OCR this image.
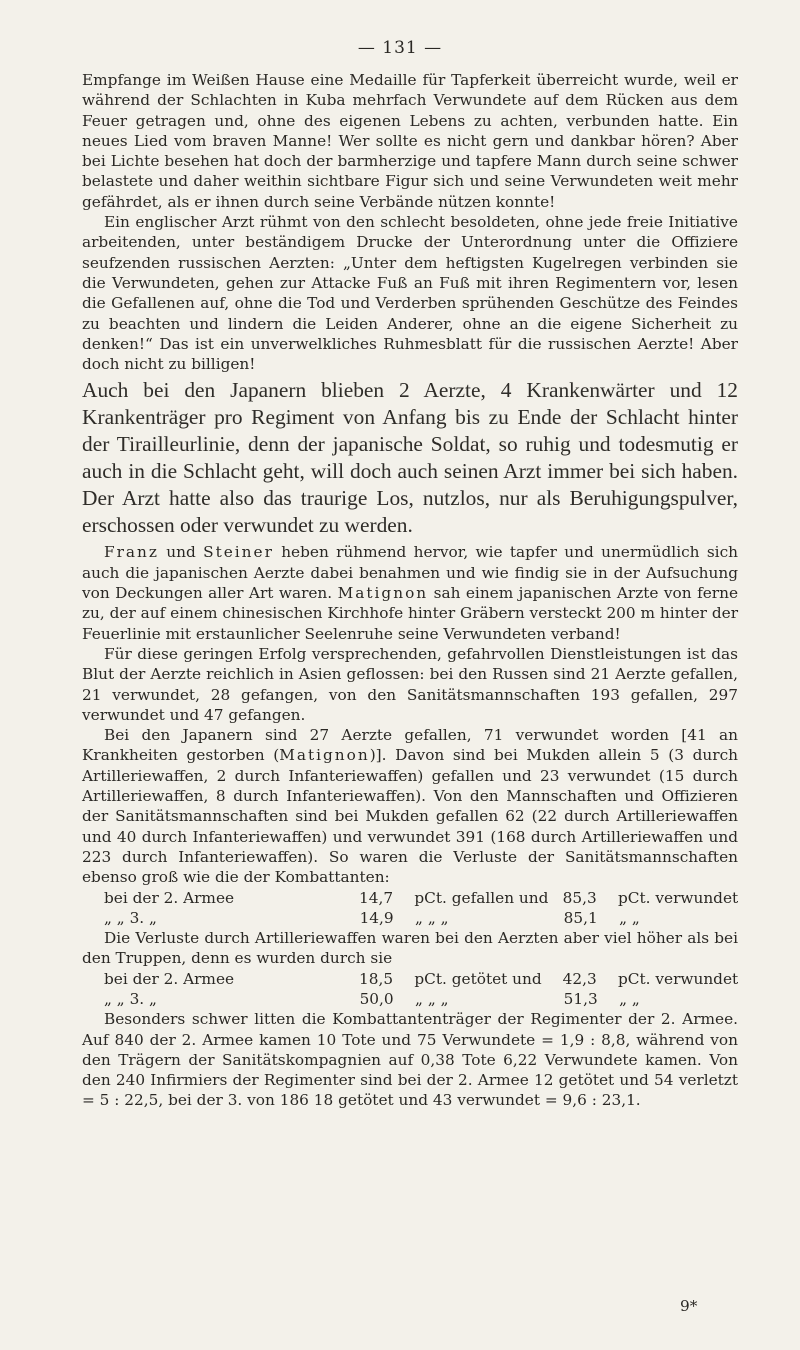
— 131 —

Empfange im Weißen Hause eine Medaille für Tapferkeit überreicht wurde, weil er während der Schlachten in Kuba mehrfach Verwundete auf dem Rücken aus dem Feuer getragen und, ohne des eigenen Lebens zu achten, verbunden hatte. Ein neues Lied vom braven Manne! Wer sollte es nicht gern und dankbar hören? Aber bei Lichte besehen hat doch der barmherzige und tapfere Mann durch seine schwer belastete und daher weithin sichtbare Figur sich und seine Verwundeten weit mehr gefährdet, als er ihnen durch seine Verbände nützen konnte!

Ein englischer Arzt rühmt von den schlecht besoldeten, ohne jede freie Initiative arbeitenden, unter beständigem Drucke der Unterordnung unter die Offiziere seufzenden russischen Aerzten: „Unter dem heftigsten Kugelregen verbinden sie die Verwundeten, gehen zur Attacke Fuß an Fuß mit ihren Regimentern vor, lesen die Gefallenen auf, ohne die Tod und Verderben sprühenden Geschütze des Feindes zu beachten und lindern die Leiden Anderer, ohne an die eigene Sicherheit zu denken!“ Das ist ein unverwelkliches Ruhmesblatt für die russischen Aerzte! Aber doch nicht zu billigen!

Auch bei den Japanern blieben 2 Aerzte, 4 Krankenwärter und 12 Krankenträger pro Regiment von Anfang bis zu Ende der Schlacht hinter der Tiraillеurlinie, denn der japanische Soldat, so ruhig und todesmutig er auch in die Schlacht geht, will doch auch seinen Arzt immer bei sich haben. Der Arzt hatte also das traurige Los, nutzlos, nur als Beruhigungspulver, erschossen oder verwundet zu werden.

Franz und Steiner heben rühmend hervor, wie tapfer und unermüdlich sich auch die japanischen Aerzte dabei benahmen und wie findig sie in der Aufsuchung von Deckungen aller Art waren. Matignon sah einem japanischen Arzte von ferne zu, der auf einem chinesischen Kirchhofe hinter Gräbern versteckt 200 m hinter der Feuerlinie mit erstaunlicher Seelenruhe seine Verwundeten verband!

Für diese geringen Erfolg versprechenden, gefahrvollen Dienstleistungen ist das Blut der Aerzte reichlich in Asien geflossen: bei den Russen sind 21 Aerzte gefallen, 21 verwundet, 28 gefangen, von den Sanitätsmannschaften 193 gefallen, 297 verwundet und 47 gefangen.

Bei den Japanern sind 27 Aerzte gefallen, 71 verwundet worden [41 an Krankheiten gestorben (Matignon)]. Davon sind bei Mukden allein 5 (3 durch Artilleriewaffen, 2 durch Infanteriewaffen) gefallen und 23 verwundet (15 durch Artilleriewaffen, 8 durch Infanteriewaffen). Von den Mannschaften und Offizieren der Sanitätsmannschaften sind bei Mukden gefallen 62 (22 durch Artilleriewaffen und 40 durch Infanteriewaffen) und verwundet 391 (168 durch Artilleriewaffen und 223 durch Infanteriewaffen). So waren die Verluste der Sanitätsmannschaften ebenso groß wie die der Kombattanten:

bei der 2. Armee	14,7	pCt. gefallen und 85,3	pCt. verwundet
„ „ 3. „	14,9	„ „ „	85,1	„ „

Die Verluste durch Artilleriewaffen waren bei den Aerzten aber viel höher als bei den Truppen, denn es wurden durch sie

bei der 2. Armee	18,5	pCt. getötet und	42,3	pCt. verwundet
„ „ 3. „	50,0	„ „ „	51,3	„ „

Besonders schwer litten die Kombattantenträger der Regimenter der 2. Armee. Auf 840 der 2. Armee kamen 10 Tote und 75 Verwundete = 1,9 : 8,8, während von den Trägern der Sanitätskompagnien auf 0,38 Tote 6,22 Verwundete kamen. Von den 240 Infirmiers der Regimenter sind bei der 2. Armee 12 getötet und 54 verletzt = 5 : 22,5, bei der 3. von 186 18 getötet und 43 verwundet = 9,6 : 23,1.

9*
